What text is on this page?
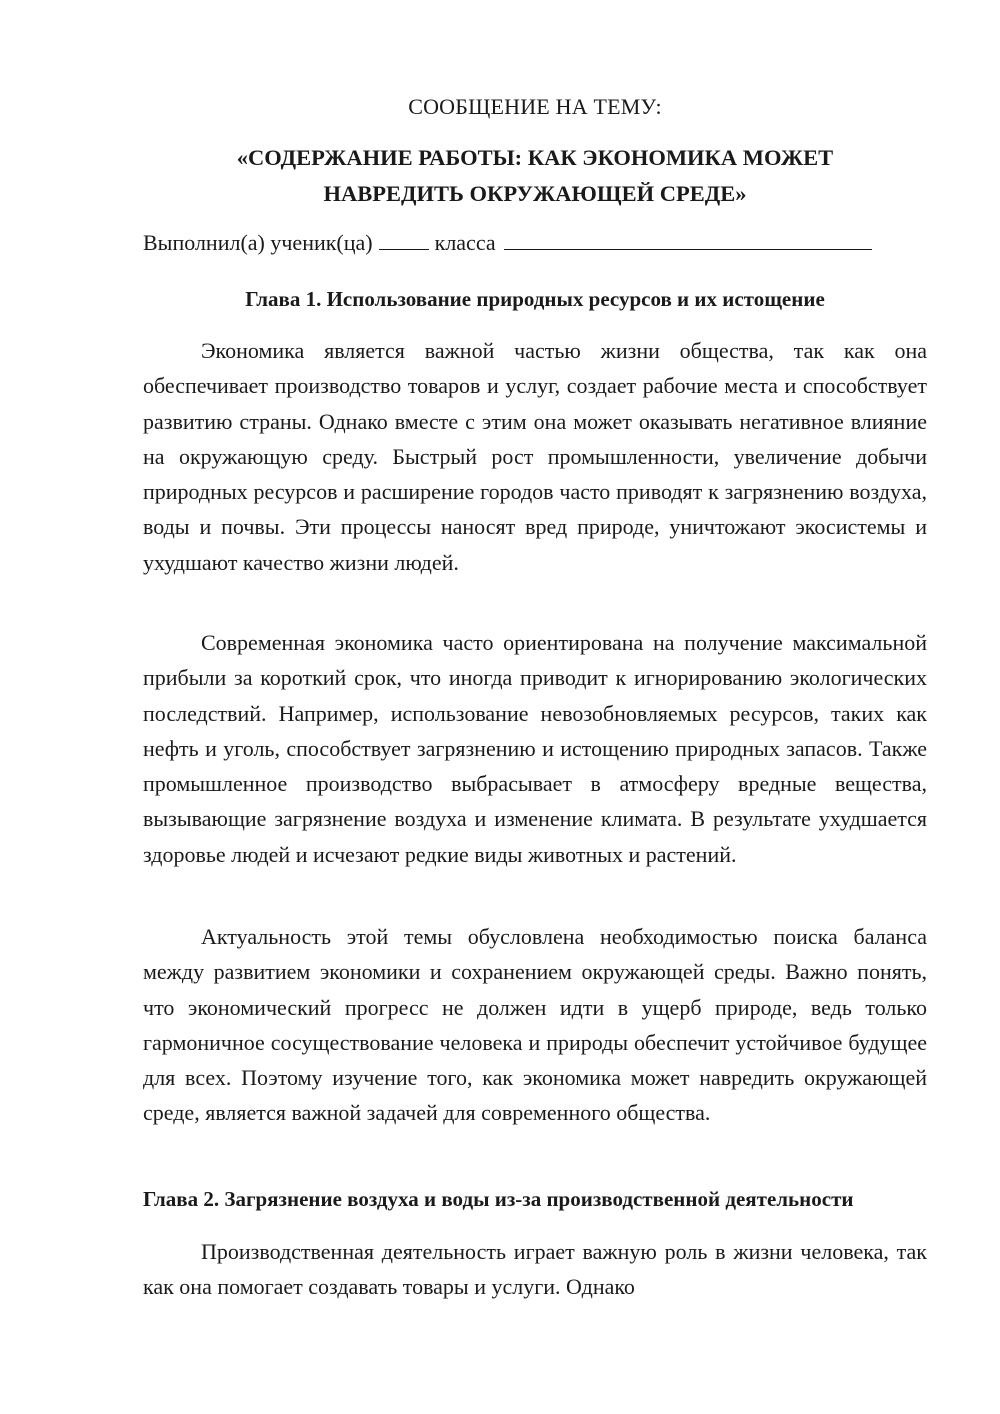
СООБЩЕНИЕ НА ТЕМУ:
«СОДЕРЖАНИЕ РАБОТЫ: КАК ЭКОНОМИКА МОЖЕТ
НАВРЕДИТЬ ОКРУЖАЮЩЕЙ СРЕДЕ»
Выполнил(а) ученик(ца)	класса
Глава 1. Использование природных ресурсов и их истощение

Экономика является важной частью жизни общества, так как она обеспечивает производство товаров и услуг, создает рабочие места и способствует развитию страны. Однако вместе с этим она может оказывать негативное влияние на окружающую среду. Быстрый рост промышленности, увеличение добычи природных ресурсов и расширение городов часто приводят к загрязнению воздуха, воды и почвы. Эти процессы наносят вред природе, уничтожают экосистемы и ухудшают качество жизни людей.

Современная экономика часто ориентирована на получение максимальной прибыли за короткий срок, что иногда приводит к игнорированию экологических последствий. Например, использование невозобновляемых ресурсов, таких как нефть и уголь, способствует загрязнению и истощению природных запасов. Также промышленное производство выбрасывает в атмосферу вредные вещества, вызывающие загрязнение воздуха и изменение климата. В результате ухудшается здоровье людей и исчезают редкие виды животных и растений.

Актуальность этой темы обусловлена необходимостью поиска баланса между развитием экономики и сохранением окружающей среды. Важно понять, что экономический прогресс не должен идти в ущерб природе, ведь только гармоничное сосуществование человека и природы обеспечит устойчивое будущее для всех. Поэтому изучение того, как экономика может навредить окружающей среде, является важной задачей для современного общества.

Глава 2. Загрязнение воздуха и воды из-за производственной деятельности

Производственная деятельность играет важную роль в жизни человека, так как она помогает создавать товары и услуги. Однако
